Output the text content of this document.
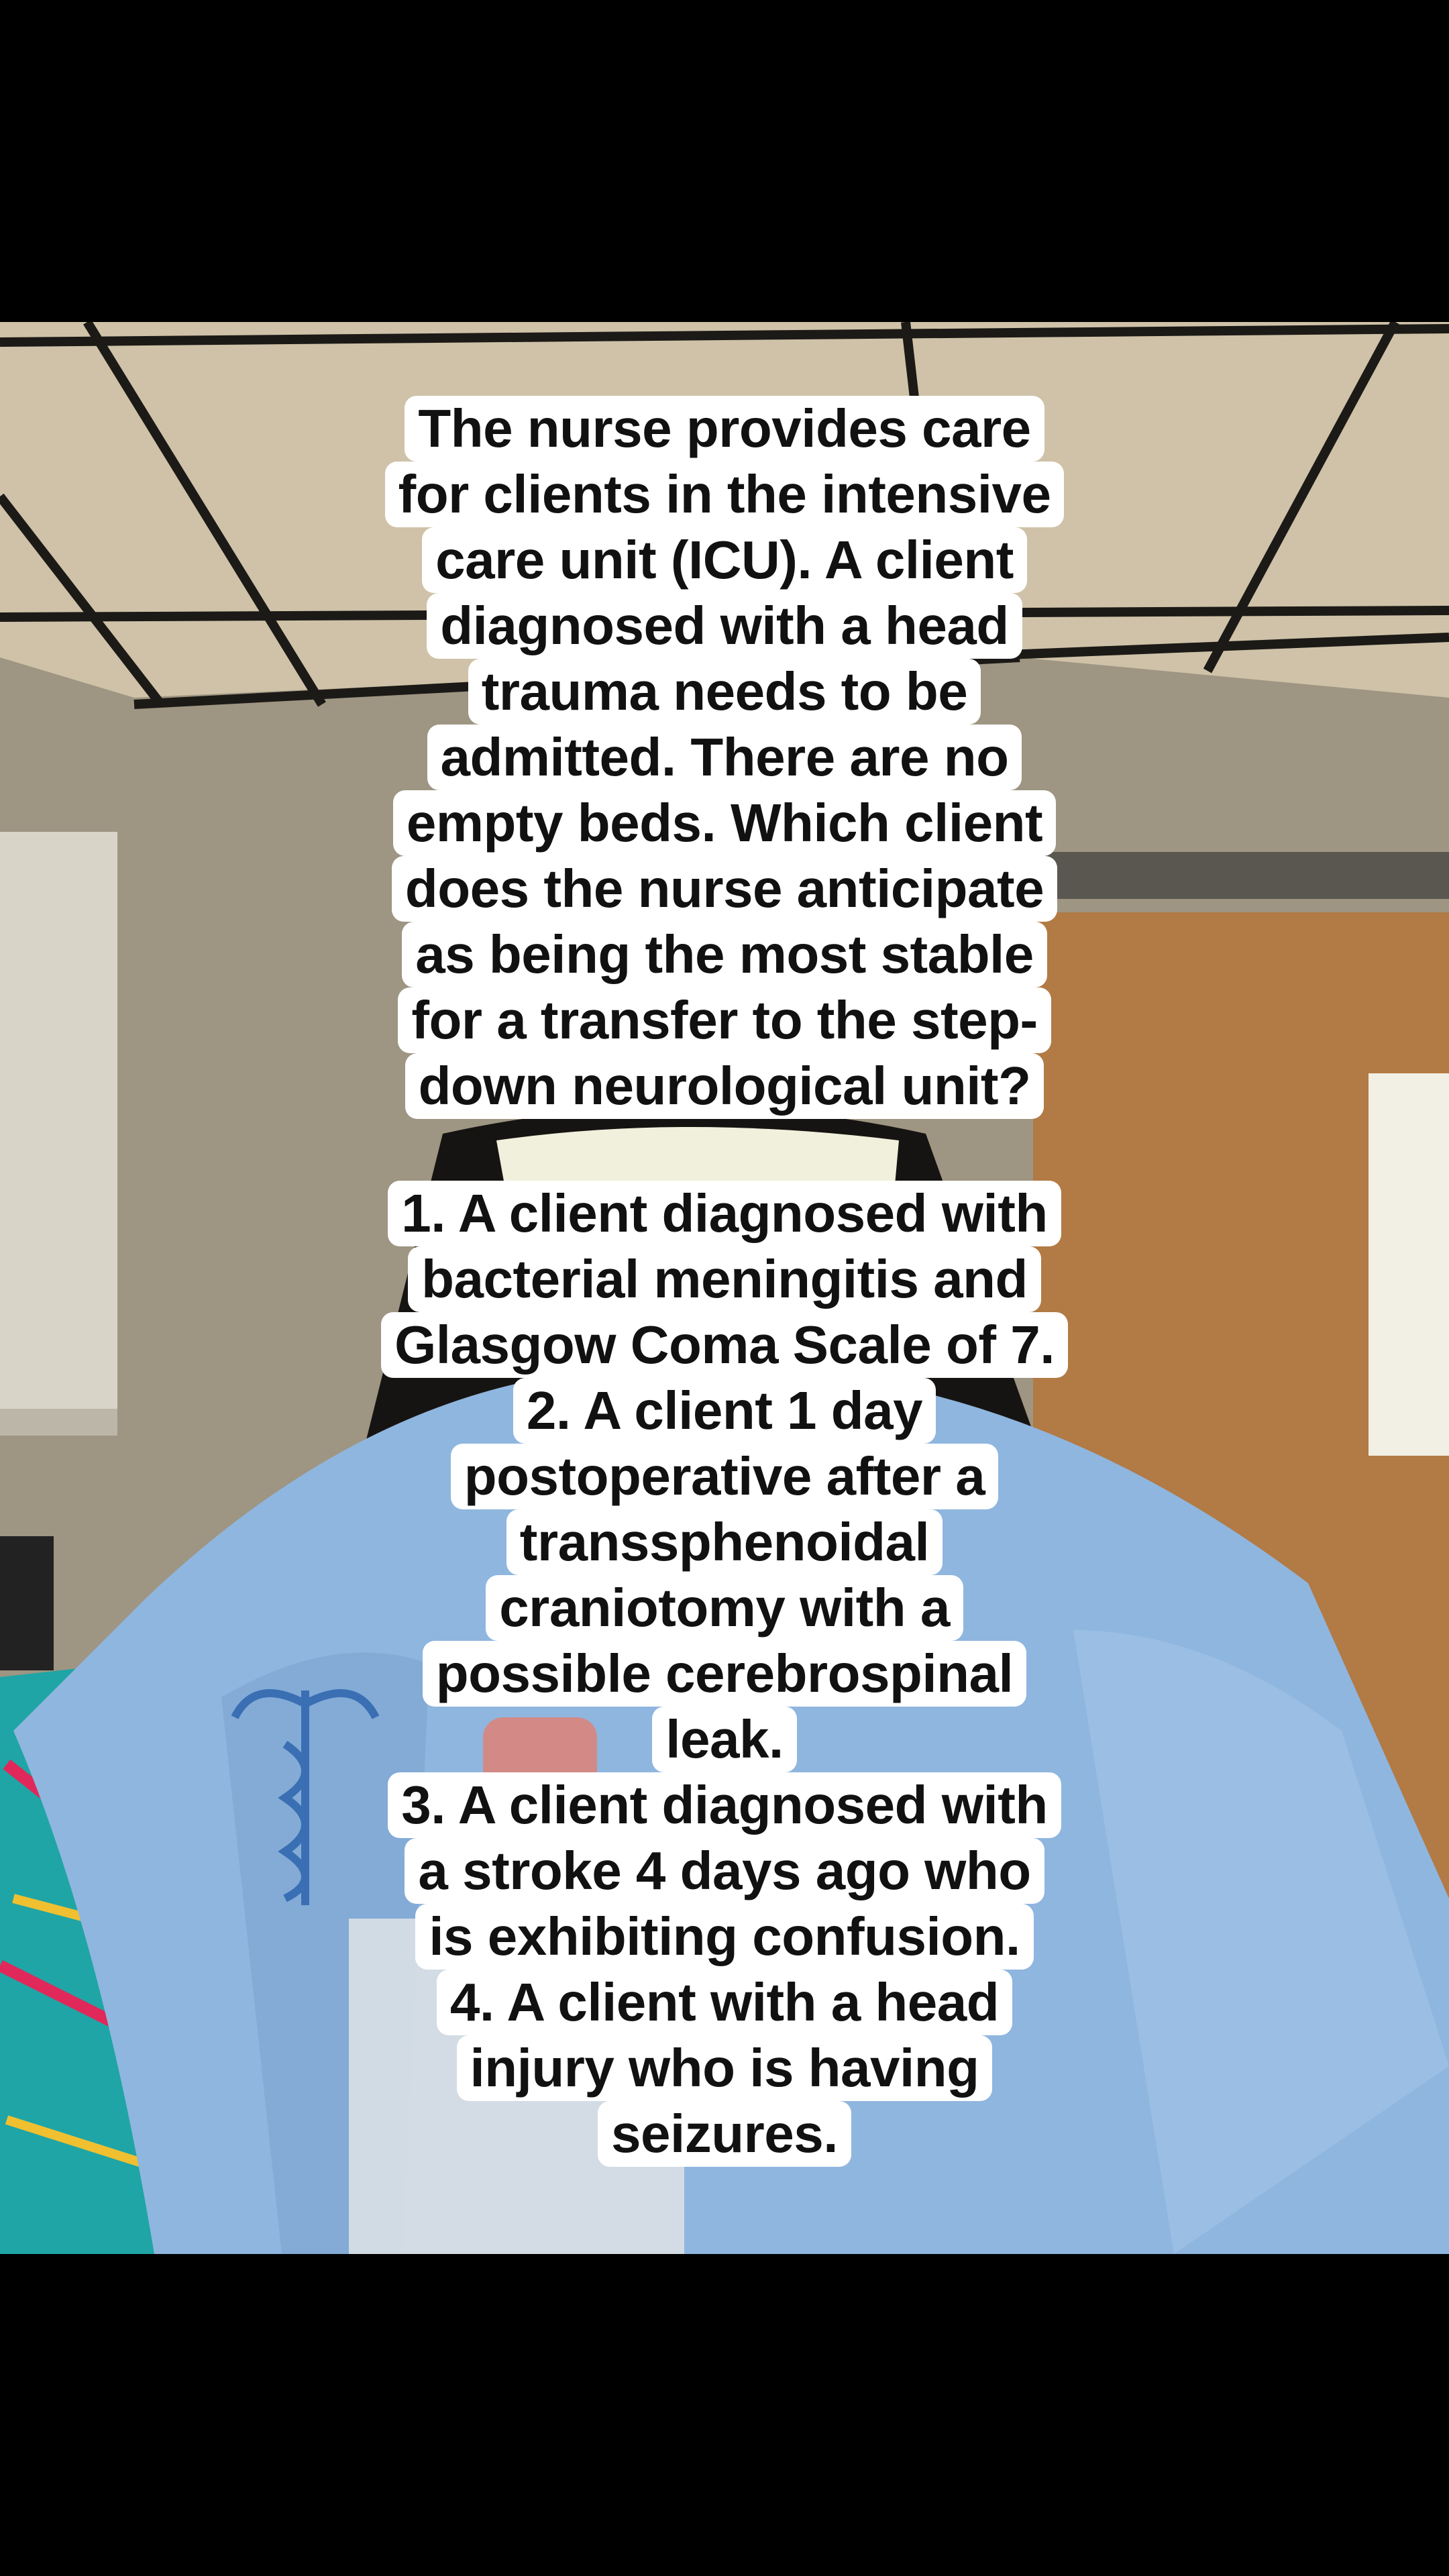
The nurse provides care
for clients in the intensive
care unit (ICU). A client
diagnosed with a head
trauma needs to be
admitted. There are no
empty beds. Which client
does the nurse anticipate
as being the most stable
for a transfer to the step-
down neurological unit?
1. A client diagnosed with
bacterial meningitis and
Glasgow Coma Scale of 7.
2. A client 1 day
postoperative after a
transsphenoidal
craniotomy with a
possible cerebrospinal
leak.
3. A client diagnosed with
a stroke 4 days ago who
is exhibiting confusion.
4. A client with a head
injury who is having
seizures.
